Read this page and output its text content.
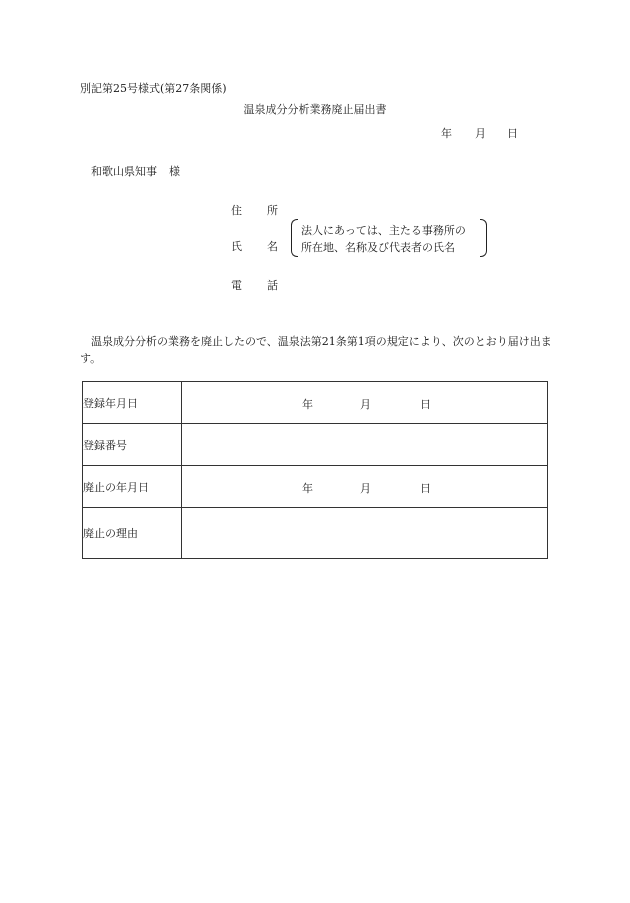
別記第25号様式(第27条関係)
温泉成分分析業務廃止届出書
年 月 日
和歌山県知事 様
住 所
氏 名
電 話
法人にあっては、主たる事務所の
所在地、名称及び代表者の氏名
温泉成分分析の業務を廃止したので、温泉法第21条第1項の規定により、次のとおり届け出ます。
登録年月日	年 月 日

登録番号	
廃止の年月日	年 月 日

廃止の理由	
